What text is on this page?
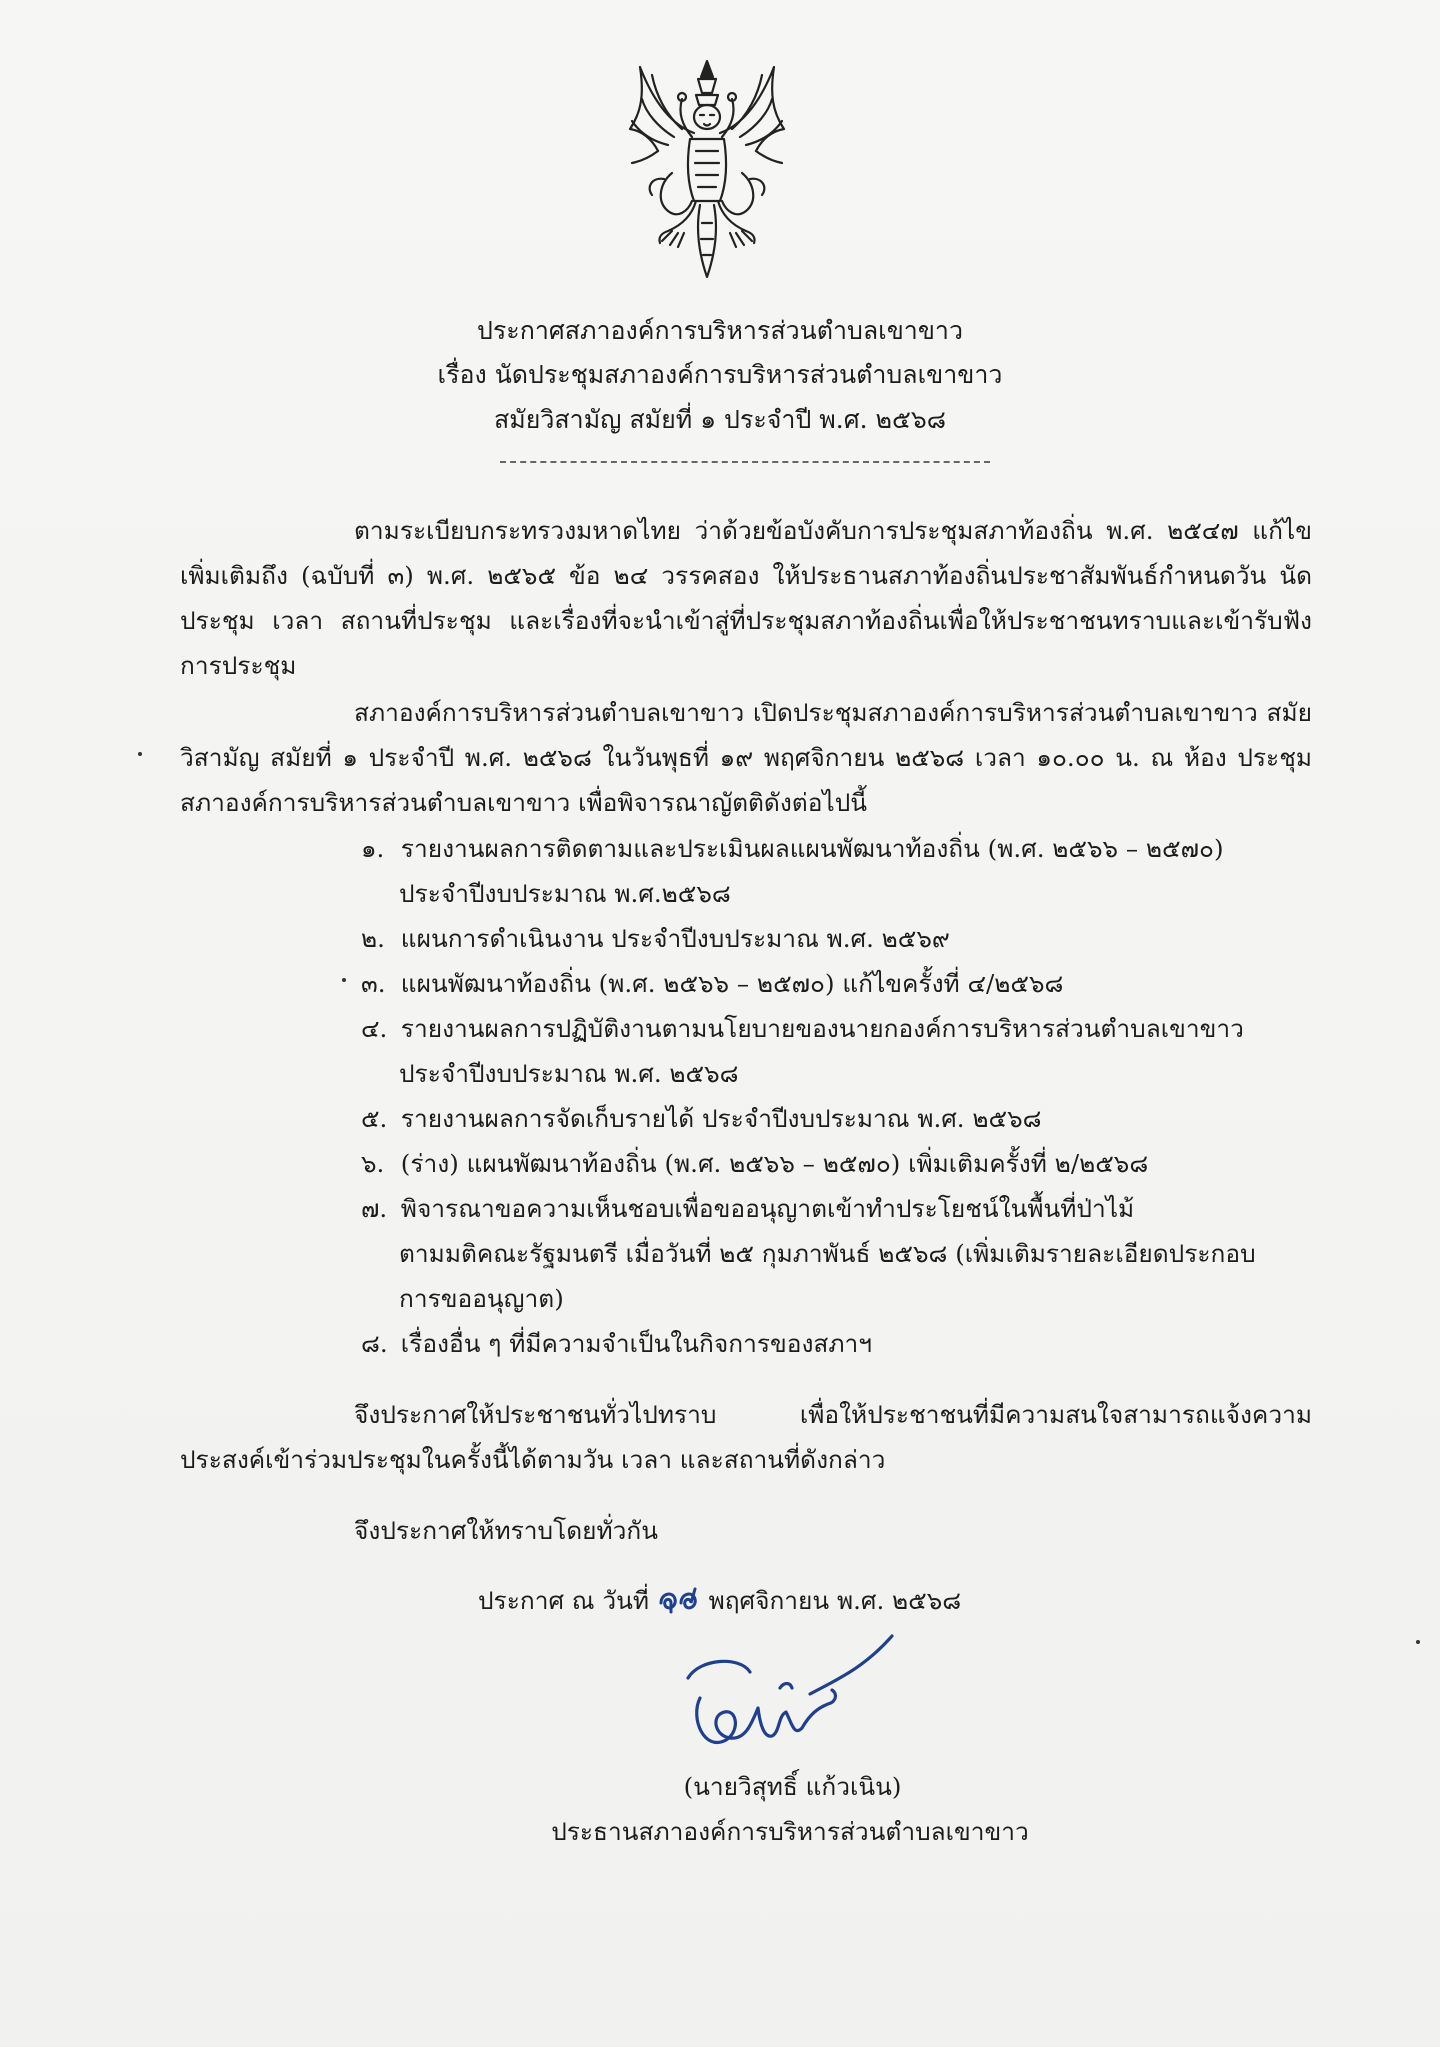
ประกาศสภาองค์การบริหารส่วนตำบลเขาขาว
เรื่อง นัดประชุมสภาองค์การบริหารส่วนตำบลเขาขาว
สมัยวิสามัญ สมัยที่ ๑ ประจำปี พ.ศ. ๒๕๖๘
ตามระเบียบกระทรวงมหาดไทย ว่าด้วยข้อบังคับการประชุมสภาท้องถิ่น พ.ศ. ๒๕๔๗ แก้ไขเพิ่มเติมถึง (ฉบับที่ ๓) พ.ศ. ๒๕๖๕ ข้อ ๒๔ วรรคสอง ให้ประธานสภาท้องถิ่นประชาสัมพันธ์กำหนดวัน นัดประชุม เวลา สถานที่ประชุม และเรื่องที่จะนำเข้าสู่ที่ประชุมสภาท้องถิ่นเพื่อให้ประชาชนทราบและเข้ารับฟังการประชุม
สภาองค์การบริหารส่วนตำบลเขาขาว เปิดประชุมสภาองค์การบริหารส่วนตำบลเขาขาว สมัยวิสามัญ สมัยที่ ๑ ประจำปี พ.ศ. ๒๕๖๘ ในวันพุธที่ ๑๙ พฤศจิกายน ๒๕๖๘ เวลา ๑๐.๐๐ น. ณ ห้อง ประชุมสภาองค์การบริหารส่วนตำบลเขาขาว เพื่อพิจารณาญัตติดังต่อไปนี้
๑. รายงานผลการติดตามและประเมินผลแผนพัฒนาท้องถิ่น (พ.ศ. ๒๕๖๖ – ๒๕๗๐)
ประจำปีงบประมาณ พ.ศ.๒๕๖๘
๒. แผนการดำเนินงาน ประจำปีงบประมาณ พ.ศ. ๒๕๖๙
๓. แผนพัฒนาท้องถิ่น (พ.ศ. ๒๕๖๖ – ๒๕๗๐) แก้ไขครั้งที่ ๔/๒๕๖๘
๔. รายงานผลการปฏิบัติงานตามนโยบายของนายกองค์การบริหารส่วนตำบลเขาขาว
ประจำปีงบประมาณ พ.ศ. ๒๕๖๘
๕. รายงานผลการจัดเก็บรายได้ ประจำปีงบประมาณ พ.ศ. ๒๕๖๘
๖. (ร่าง) แผนพัฒนาท้องถิ่น (พ.ศ. ๒๕๖๖ – ๒๕๗๐) เพิ่มเติมครั้งที่ ๒/๒๕๖๘
๗. พิจารณาขอความเห็นชอบเพื่อขออนุญาตเข้าทำประโยชน์ในพื้นที่ป่าไม้
ตามมติคณะรัฐมนตรี เมื่อวันที่ ๒๕ กุมภาพันธ์ ๒๕๖๘ (เพิ่มเติมรายละเอียดประกอบ
การขออนุญาต)
๘. เรื่องอื่น ๆ ที่มีความจำเป็นในกิจการของสภาฯ
จึงประกาศให้ประชาชนทั่วไปทราบ เพื่อให้ประชาชนที่มีความสนใจสามารถแจ้งความ ประสงค์เข้าร่วมประชุมในครั้งนี้ได้ตามวัน เวลา และสถานที่ดังกล่าว
จึงประกาศให้ทราบโดยทั่วกัน
ประกาศ ณ วันที่ พฤศจิกายน พ.ศ. ๒๕๖๘
(นายวิสุทธิ์ แก้วเนิน)
ประธานสภาองค์การบริหารส่วนตำบลเขาขาว
